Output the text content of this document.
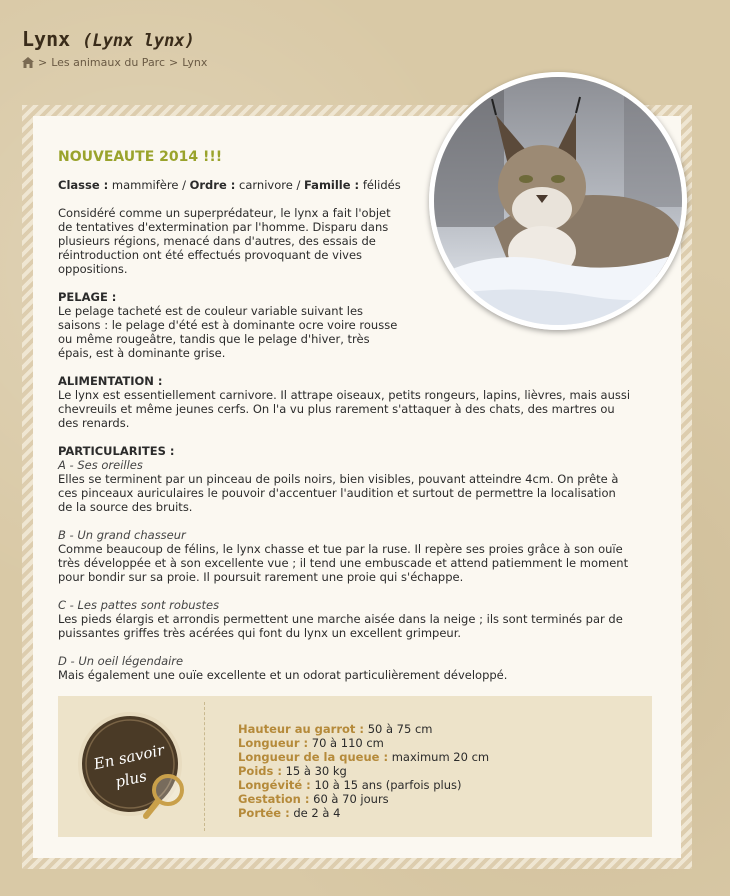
Lynx (Lynx lynx)
> Les animaux du Parc > Lynx

NOUVEAUTE 2014 !!!

Classe : mammifère / Ordre : carnivore / Famille : félidés

Considéré comme un superprédateur, le lynx a fait l'objet de tentatives d'extermination par l'homme. Disparu dans plusieurs régions, menacé dans d'autres, des essais de réintroduction ont été effectués provoquant de vives oppositions.

PELAGE :
Le pelage tacheté est de couleur variable suivant les saisons : le pelage d'été est à dominante ocre voire rousse ou même rougeâtre, tandis que le pelage d'hiver, très épais, est à dominante grise.

ALIMENTATION :
Le lynx est essentiellement carnivore. Il attrape oiseaux, petits rongeurs, lapins, lièvres, mais aussi chevreuils et même jeunes cerfs. On l'a vu plus rarement s'attaquer à des chats, des martres ou des renards.

PARTICULARITES :
A - Ses oreilles
Elles se terminent par un pinceau de poils noirs, bien visibles, pouvant atteindre 4cm. On prête à ces pinceaux auriculaires le pouvoir d'accentuer l'audition et surtout de permettre la localisation de la source des bruits.

B - Un grand chasseur
Comme beaucoup de félins, le lynx chasse et tue par la ruse. Il repère ses proies grâce à son ouïe très développée et à son excellente vue ; il tend une embuscade et attend patiemment le moment pour bondir sur sa proie. Il poursuit rarement une proie qui s'échappe.

C - Les pattes sont robustes
Les pieds élargis et arrondis permettent une marche aisée dans la neige ; ils sont terminés par de puissantes griffes très acérées qui font du lynx un excellent grimpeur.

D - Un oeil légendaire
Mais également une ouïe excellente et un odorat particulièrement développé.

En savoir
plus
Hauteur au garrot : 50 à 75 cm
Longueur : 70 à 110 cm
Longueur de la queue : maximum 20 cm
Poids : 15 à 30 kg
Longévité : 10 à 15 ans (parfois plus)
Gestation : 60 à 70 jours
Portée : de 2 à 4
